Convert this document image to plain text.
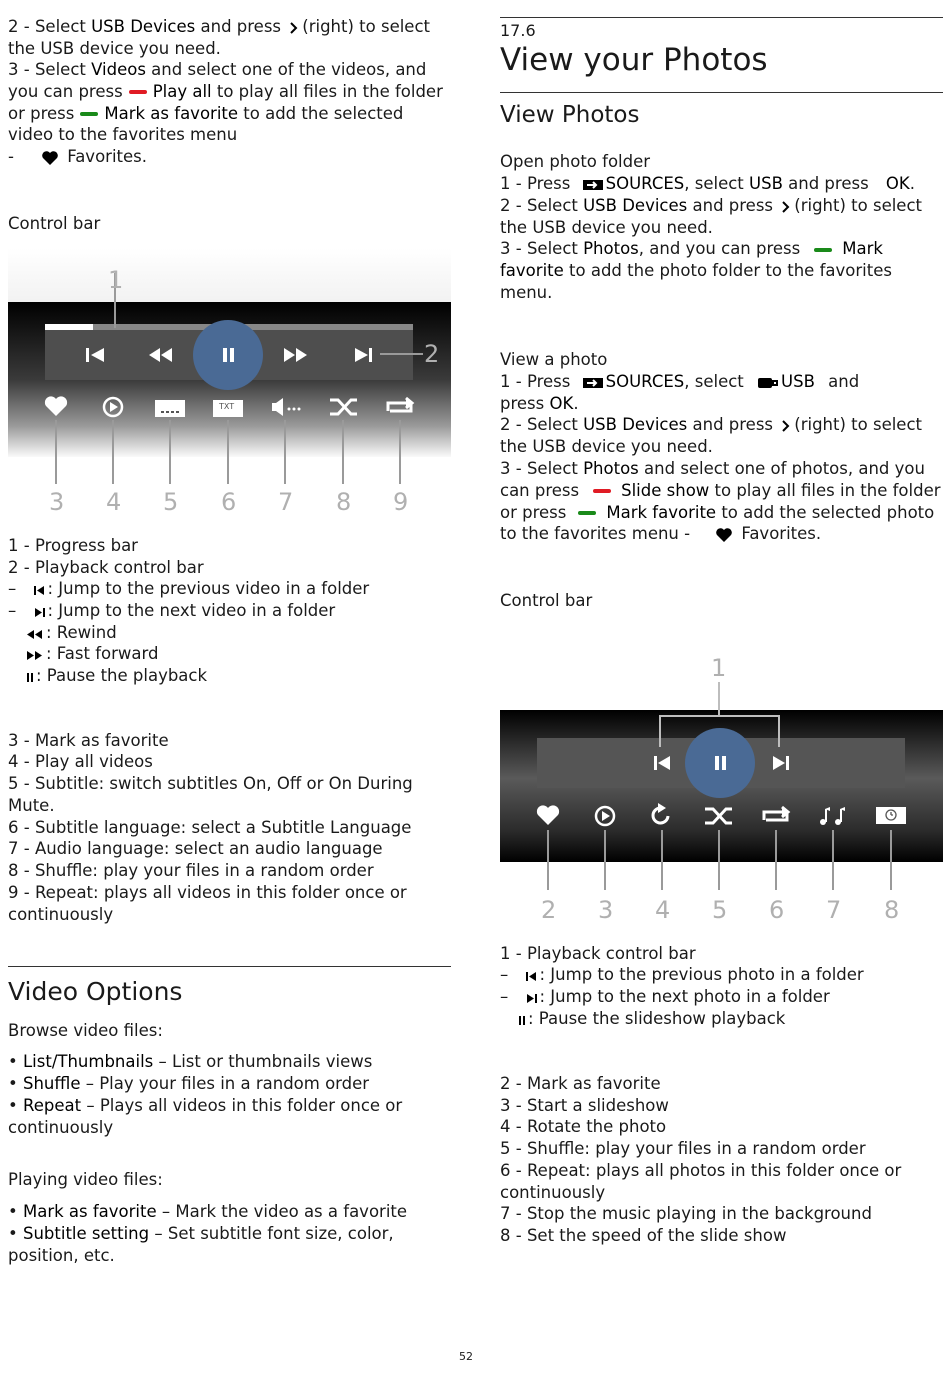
2 - Select USB Devices and press (right) to select the USB device you need.

3 - Select Videos and select one of the videos, and you can press Play all to play all files in the folder or press Mark as favorite to add the selected video to the favorites menu

-	Favorites.

Control bar

1
2
TXT
3 4 5 6 7 8 9

1 - Progress bar

2 - Playback control bar

– : Jump to the previous video in a folder

– : Jump to the next video in a folder

: Rewind

: Fast forward

: Pause the playback

3 - Mark as favorite

4 - Play all videos

5 - Subtitle: switch subtitles On, Off or On During Mute.

6 - Subtitle language: select a Subtitle Language

7 - Audio language: select an audio language

8 - Shuffle: play your files in a random order

9 - Repeat: plays all videos in this folder once or continuously

Video Options

Browse video files:

• List/Thumbnails – List or thumbnails views

• Shuffle – Play your files in a random order

• Repeat – Plays all videos in this folder once or continuously

Playing video files:

• Mark as favorite – Mark the video as a favorite

• Subtitle setting – Set subtitle font size, color, position, etc.

17.6

View your Photos

View Photos

Open photo folder

1 - Press SOURCES, select USB and press OK.

2 - Select USB Devices and press (right) to select the USB device you need.

3 - Select Photos, and you can press	Mark favorite to add the photo folder to the favorites menu.

View a photo

1 - Press SOURCES, select USB and
press OK.

2 - Select USB Devices and press (right) to select the USB device you need.

3 - Select Photos and select one of photos, and you can press	Slide show to play all files in the folder or press Mark favorite to add the selected photo to the favorites menu -	Favorites.

Control bar

1
2 3 4 5 6 7 8

1 - Playback control bar

– : Jump to the previous photo in a folder

– : Jump to the next photo in a folder

: Pause the slideshow playback

2 - Mark as favorite

3 - Start a slideshow

4 - Rotate the photo

5 - Shuffle: play your files in a random order

6 - Repeat: plays all photos in this folder once or continuously

7 - Stop the music playing in the background

8 - Set the speed of the slide show

52
